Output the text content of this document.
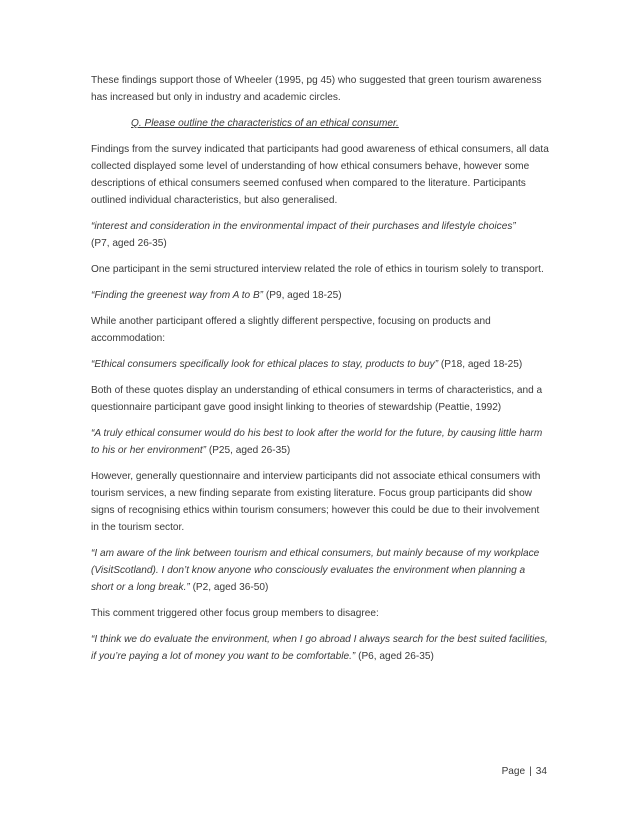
These findings support those of Wheeler (1995, pg 45) who suggested that green tourism awareness has increased but only in industry and academic circles.

Q. Please outline the characteristics of an ethical consumer.

Findings from the survey indicated that participants had good awareness of ethical consumers, all data collected displayed some level of understanding of how ethical consumers behave, however some descriptions of ethical consumers seemed confused when compared to the literature. Participants outlined individual characteristics, but also generalised.

“interest and consideration in the environmental impact of their purchases and lifestyle choices”
(P7, aged 26-35)

One participant in the semi structured interview related the role of ethics in tourism solely to transport.

“Finding the greenest way from A to B” (P9, aged 18-25)

While another participant offered a slightly different perspective, focusing on products and accommodation:

“Ethical consumers specifically look for ethical places to stay, products to buy” (P18, aged 18-25)

Both of these quotes display an understanding of ethical consumers in terms of characteristics, and a questionnaire participant gave good insight linking to theories of stewardship (Peattie, 1992)

“A truly ethical consumer would do his best to look after the world for the future, by causing little harm to his or her environment” (P25, aged 26-35)

However, generally questionnaire and interview participants did not associate ethical consumers with tourism services, a new finding separate from existing literature. Focus group participants did show signs of recognising ethics within tourism consumers; however this could be due to their involvement in the tourism sector.

“I am aware of the link between tourism and ethical consumers, but mainly because of my workplace (VisitScotland). I don’t know anyone who consciously evaluates the environment when planning a short or a long break.” (P2, aged 36-50)

This comment triggered other focus group members to disagree:

“I think we do evaluate the environment, when I go abroad I always search for the best suited facilities, if you’re paying a lot of money you want to be comfortable.” (P6, aged 26-35)

Page | 34
